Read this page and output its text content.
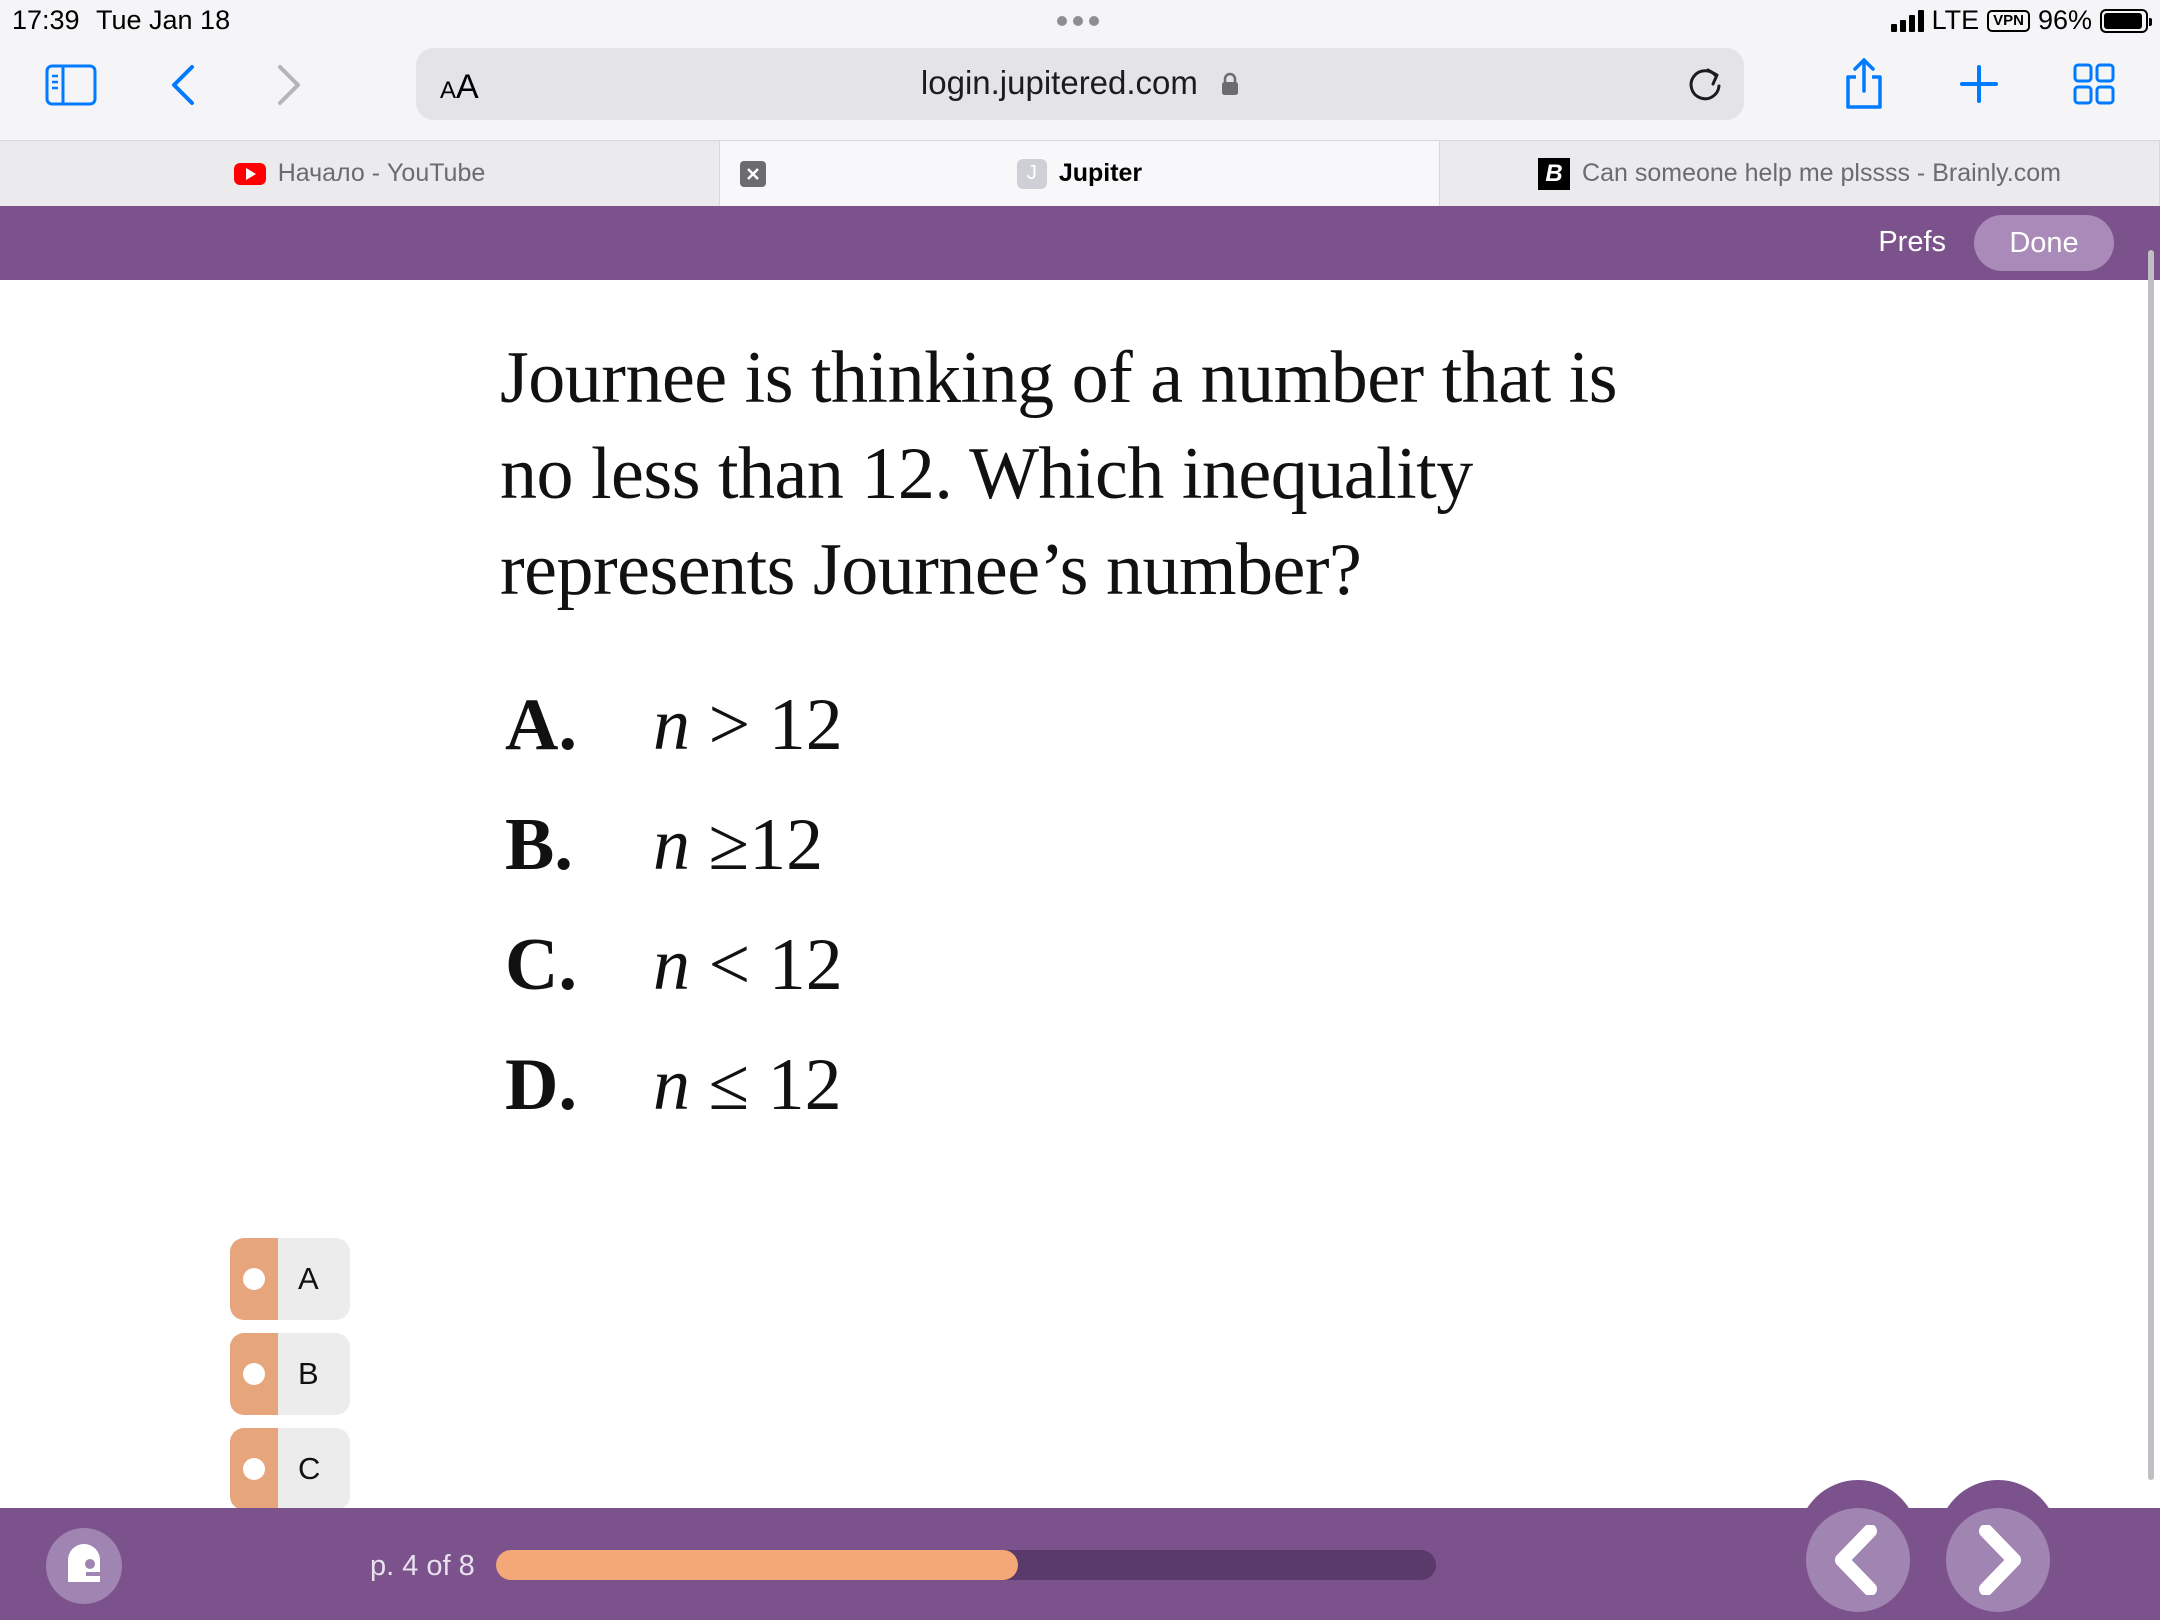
17:39 Tue Jan 18	LTE VPN 96%
AA	login.jupitered.com
Начало - YouTube	J Jupiter	B Can someone help me plssss - Brainly.com
Prefs	Done
Journee is thinking of a number that is no less than 12. Which inequality represents Journee’s number?
A.	n > 12
B.	n ≥12
C.	n < 12
D.	n ≤ 12
A
B
C
p. 4 of 8
